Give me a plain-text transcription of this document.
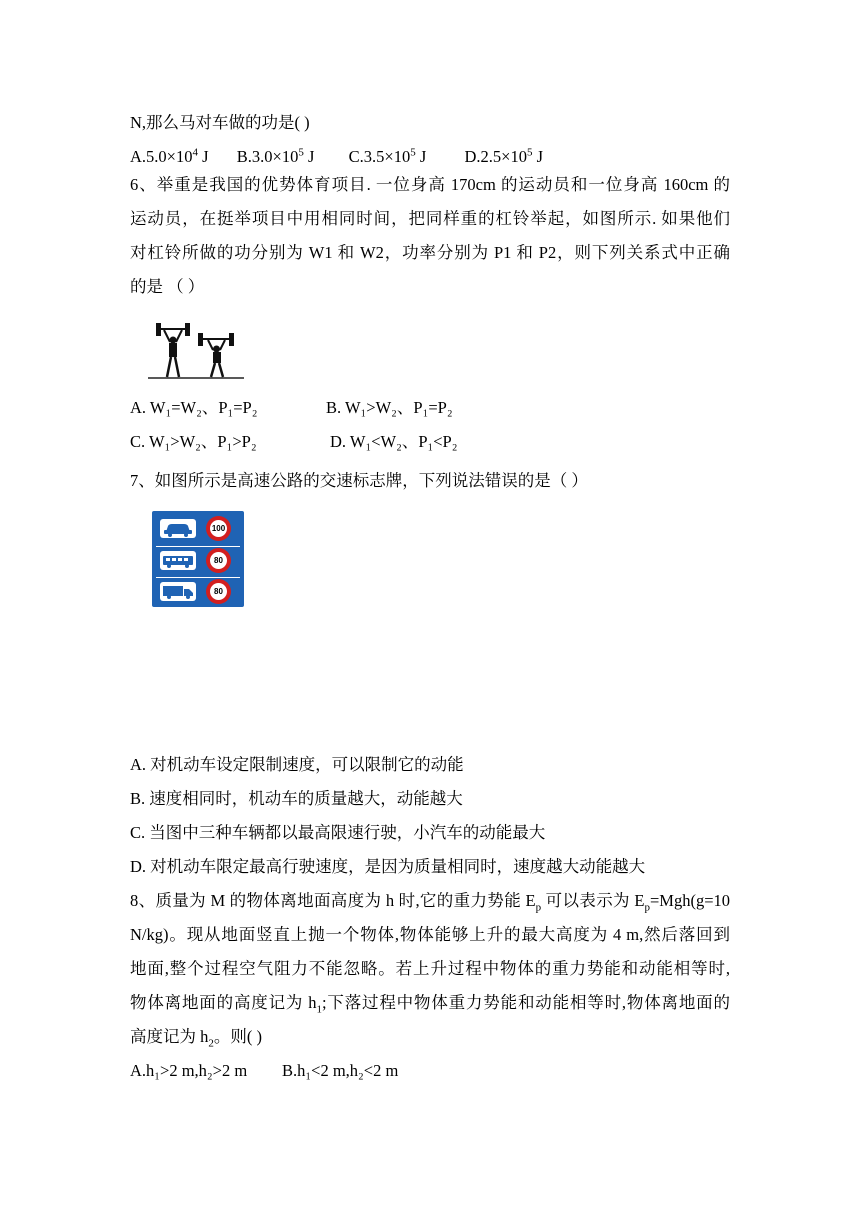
N,那么马对车做的功是( )
$A.5.0\times 10^4$ J $B.3.0\times 10^5$ J $C.3.5\times 10^5$ J $D.2.5\times 10^5$ J
6、举重是我国的优势体育项目. 一位身高 170cm 的运动员和一位身高 160cm 的
运动员，在挺举项目中用相同时间，把同样重的杠铃举起，如图所示. 如果他们
对杠铃所做的功分别为 W1 和 W2，功率分别为 P1 和 P2，则下列关系式中正确
的是 （ ）
A. W₁=W₂、P₁=P₂	B. W₁>W₂、P₁=P₂
C. W₁>W₂、P₁>P₂	D. W₁<W₂、P₁<P₂
7、如图所示是高速公路的交速标志牌，下列说法错误的是（ ）
100
80
80
A. 对机动车设定限制速度，可以限制它的动能
B. 速度相同时，机动车的质量越大，动能越大
C. 当图中三种车辆都以最高限速行驶，小汽车的动能最大
D. 对机动车限定最高行驶速度，是因为质量相同时，速度越大动能越大
8、质量为 M 的物体离地面高度为 h 时,它的重力势能 $E_p$ 可以表示为 $E_p=Mgh(g=10$
N/kg)。现从地面竖直上抛一个物体,物体能够上升的最大高度为 4 m,然后落回到
地面,整个过程空气阻力不能忽略。若上升过程中物体的重力势能和动能相等时,
物体离地面的高度记为 $h_1$;下落过程中物体重力势能和动能相等时,物体离地面的
高度记为 $h_2$。则( )
A.h₁>2 m,h₂>2 m B.h₁<2 m,h₂<2 m
